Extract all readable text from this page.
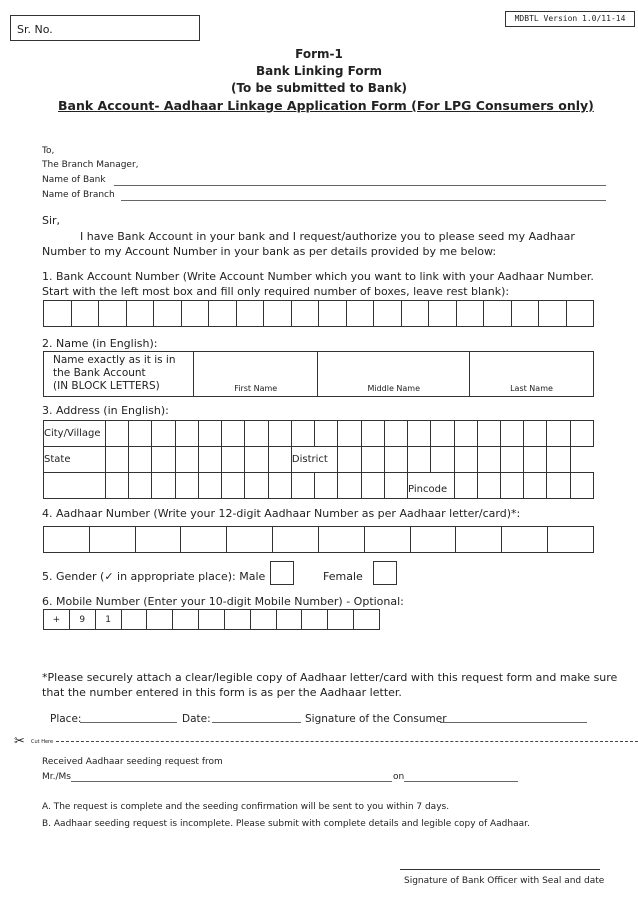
Sr. No.
MDBTL Version 1.0/11-14
Form-1
Bank Linking Form
(To be submitted to Bank)
Bank Account- Aadhaar Linkage Application Form (For LPG Consumers only)
To,
The Branch Manager,
Name of Bank
Name of Branch
Sir,
I have Bank Account in your bank and I request/authorize you to please seed my Aadhaar
Number to my Account Number in your bank as per details provided by me below:
1. Bank Account Number (Write Account Number which you want to link with your Aadhaar Number.
Start with the left most box and fill only required number of boxes, leave rest blank):

2. Name (in English):
Name exactly as it is in
the Bank Account
(IN BLOCK LETTERS)	First Name	Middle Name	Last Name
3. Address (in English):
City/Village																					
State									District												
														Pincode							
4. Aadhaar Number (Write your 12-digit Aadhaar Number as per Aadhaar letter/card)*:

5. Gender (✓ in appropriate place): Male	Female
6. Mobile Number (Enter your 10-digit Mobile Number) - Optional:
+	9	1										
*Please securely attach a clear/legible copy of Aadhaar letter/card with this request form and make sure
that the number entered in this form is as per the Aadhaar letter.
Place:	Date:	Signature of the Consumer
✂ Cut Here
Received Aadhaar seeding request from
Mr./Ms	on
A. The request is complete and the seeding confirmation will be sent to you within 7 days.
B. Aadhaar seeding request is incomplete. Please submit with complete details and legible copy of Aadhaar.
Signature of Bank Officer with Seal and date
